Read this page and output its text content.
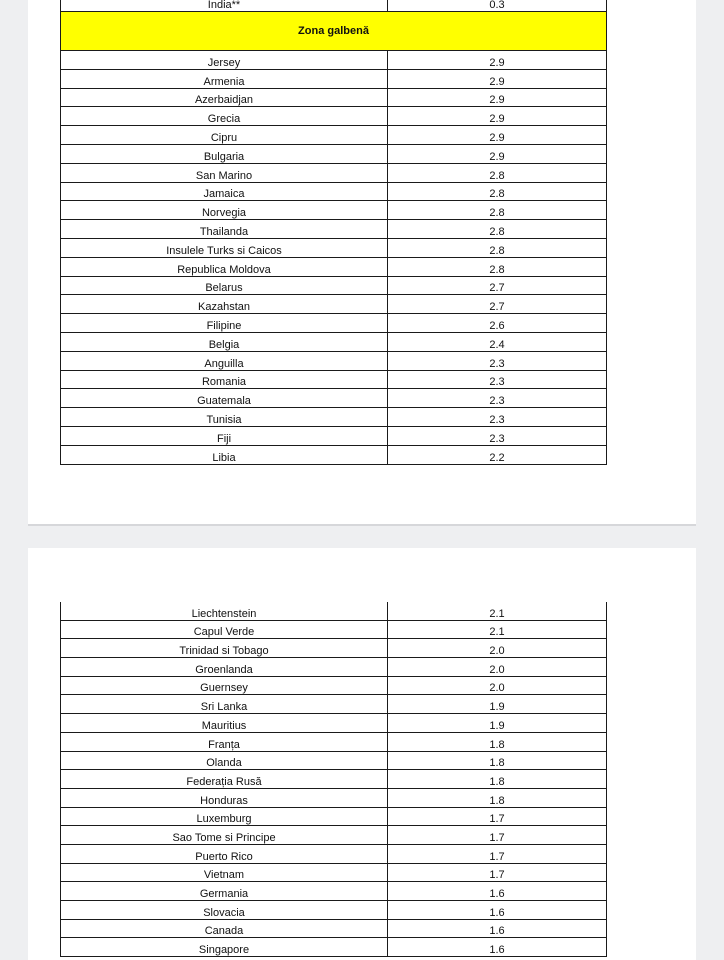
India**	0.3
Zona galbenă	
Jersey	2.9
Armenia	2.9
Azerbaidjan	2.9
Grecia	2.9
Cipru	2.9
Bulgaria	2.9
San Marino	2.8
Jamaica	2.8
Norvegia	2.8
Thailanda	2.8
Insulele Turks si Caicos	2.8
Republica Moldova	2.8
Belarus	2.7
Kazahstan	2.7
Filipine	2.6
Belgia	2.4
Anguilla	2.3
Romania	2.3
Guatemala	2.3
Tunisia	2.3
Fiji	2.3
Libia	2.2
Liechtenstein	2.1
Capul Verde	2.1
Trinidad si Tobago	2.0
Groenlanda	2.0
Guernsey	2.0
Sri Lanka	1.9
Mauritius	1.9
Franța	1.8
Olanda	1.8
Federația Rusă	1.8
Honduras	1.8
Luxemburg	1.7
Sao Tome si Principe	1.7
Puerto Rico	1.7
Vietnam	1.7
Germania	1.6
Slovacia	1.6
Canada	1.6
Singapore	1.6
